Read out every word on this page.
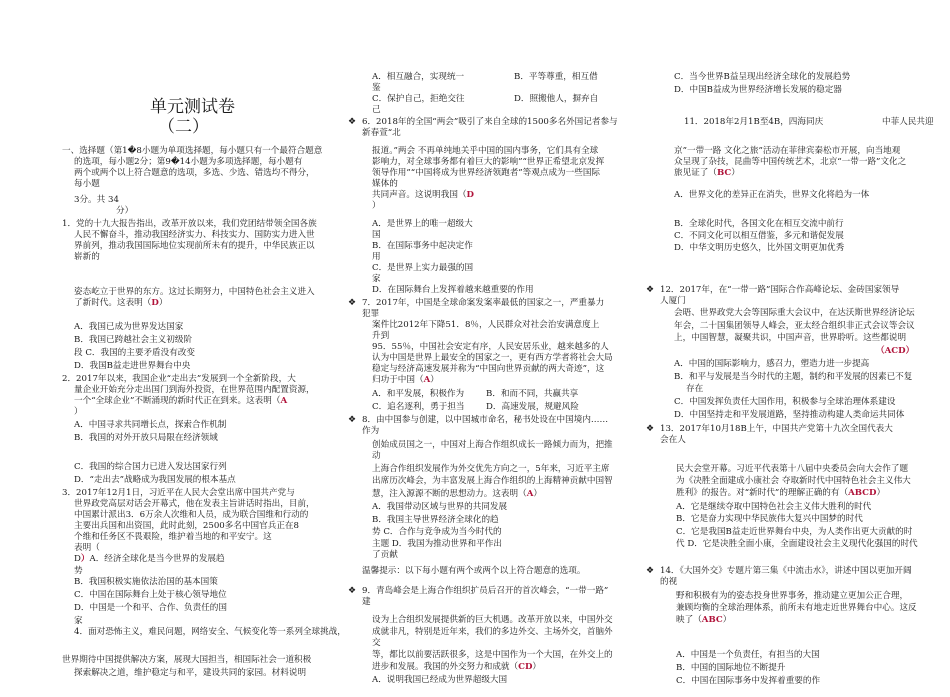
单元测试卷
（二）
一、选择题（第1�8小题为单项选择题，每小题只有一个最符合题意
的选项，每小题2分；第9�14小题为多项选择题，每小题有
两个或两个以上符合题意的选项，多选、少选、错选均不得分，
每小题
3分。共 34
分）
1．党的十九大报告指出，改革开放以来，我们党团结带领全国各族
人民不懈奋斗，推动我国经济实力、科技实力、国防实力进入世
界前列，推动我国国际地位实现前所未有的提升，中华民族正以
崭新的
姿态屹立于世界的东方。这过长期努力，中国特色社会主义进入
了新时代。这表明（D）
A．我国已成为世界发达国家
B．我国已跨越社会主义初级阶
段 C．我国的主要矛盾没有改变
D．我国B益走进世界舞台中央
2．2017年以来，我国企业“走出去”发展到一个全新阶段，大
量企业开始充分走出国门到海外投资，在世界范围内配置资源，
一个“全球企业”不断涌现的新时代正在到来。这表明（A
）
A．中国寻求共同增长点，探索合作机制
B．我国的对外开放只局限在经济领域
C．我国的综合国力已进入发达国家行列
D．“走出去”战略成为我国发展的根本基点
3．2017年12月1日，习近平在人民大会堂出席中国共产党与
世界政党高层对话会开幕式，他在发表主旨讲话时指出，目前，
中国累计派出3．6万余人次维和人员，成为联合国维和行动的
主要出兵国和出资国，此时此刻，2500多名中国官兵正在8
个维和任务区不畏艰险，维护着当地的和平安宁。这
表明（
D）A．经济全球化是当今世界的发展趋
势
B．我国积极实施依法治国的基本国策
C．中国在国际舞台上处于核心领导地位
D．中国是一个和平、合作、负责任的国
家
4．面对恐怖主义，难民问题，网络安全、气候变化等一系列全球挑战，
世界期待中国提供解决方案，展现大国担当，相国际社会一道积极
探索解决之道，维护稳定与和平，建设共同的家园。材料说明
A．相互融合，实现统一	B．平等尊重，相互借
鉴
C．保护自己，拒绝交往	D．照搬他人，摒弃自
己
❖ 6．2018年的全国“两会”吸引了来自全球的1500多名外国记者参与
新春萱“北
报道。”两会 不再单纯地关乎中国的国内事务，它们具有全球
影响力，对全球事务都有着巨大的影响”“世界正希望北京发挥
领导作用”“中国将成为世界经济领跑者”等观点成为一些国际
媒体的
共同声音。这说明我国（D
）
A．是世界上的唯一超级大
国
B．在国际事务中起决定作
用
C．是世界上实力最强的国
家
D．在国际舞台上发挥着越来越重要的作用
❖ 7．2017年，中国是全球命案发案率最低的国家之一，严重暴力
犯罪
案件比2012年下降51．8％，人民群众对社会治安满意度上
升到
95．55％，中国社会安定有序，人民安居乐业，越来越多的人
认为中国是世界上最安全的国家之一，更有西方学者将社会大局
稳定与经济高速发展并称为“中国向世界贡献的两大奇迹”，这
归功于中国（A）
A．和平发展，积极作为	B．和而不同，共赢共享
C．追名逐利，勇于担当 D．高速发展，规避风险
❖ 8．由中国参与创建，以中国城市命名，秘书处设在中国境内……
作为
创始成员国之一，中国对上海合作组织成长一路倾力而为，把推
动
上海合作组织发展作为外交优先方向之一，5年来，习近平主席
出席历次峰会，为丰富发展上海合作组织的上海精神贡献中国智
慧，注入源源不断的思想动力。这表明（A）
A．我国带动区域与世界的共同发展
B．我国主导世界经济全球化的趋
势 C．合作与竞争成为当今时代的
主题 D．我国为推动世界和平作出
了贡献
温馨提示：以下每小题有两个或两个以上符合题意的选项。
❖ 9．青岛峰会是上海合作组织扩员后召开的首次峰会，“一带一路”
建
设为上合组织发展提供新的巨大机遇。改革开放以来，中国外交
成就非凡，特别是近年来，我们的多边外交、主场外交，首脑外
交
等，都比以前要活跃很多，这是中国作为一个大国，在外交上的
进步和发展。我国的外交努力和成就（CD）
A．说明我国已经成为世界超级大国
C．当今世界B益呈现出经济全球化的发展趋势
D．中国B益成为世界经济增长发展的稳定器
11．2018年2月1B至4B，四海同庆	中菲人民共迎
京”一带一路 文化之旅”活动在菲律宾秦松市开展，向当地观
众呈现了杂技，昆曲等中国传统艺术，北京“一带一路”文化之
旅见证了（BC）
A．世界文化的差异正在消失，世界文化将趋为一体
B．全球化时代，各国文化在相互交流中前行
C．不同文化可以相互借鉴，多元和谐促发展
D．中华文明历史悠久，比外国文明更加优秀
❖ 12．2017年，在“一带一路”国际合作高峰论坛、金砖国家领导
人厦门
会晤、世界政党大会等国际重大会议中，在达沃斯世界经济论坛
年会，二十国集团领导人峰会，亚太经合组织非正式会议等会议
上，中国智慧，凝聚共识，中国声音，世界聆听。这些都说明
（ACD）
A．中国的国际影响力，感召力，塑造力进一步提高
B．和平与发展是当今时代的主题，制约和平发展的因素已不复
存在
C．中国发挥负责任大国作用，积极参与全球治理体系建设
D．中国坚持走和平发展道路，坚持推动构建人类命运共同体
❖ 13．2017年10月18B上午，中国共产党第十九次全国代表大
会在人
民大会堂开幕。习近平代表第十八届中央委员会向大会作了题
为《决胜全面建成小康社会 夺取新时代中国特色社会主义伟大
胜利》的报告。对“新时代”的理解正确的有（ABCD）
A．它是继续夺取中国特色社会主义伟大胜利的时代
B．它是奋力实现中华民族伟大复兴中国梦的时代
C．它是我国B益走近世界舞台中央，为人类作出更大贡献的时
代 D．它是决胜全面小康，全面建设社会主义现代化强国的时代
❖ 14．《大国外交》专题片第三集《中流击水》，讲述中国以更加开阔
的视
野和积极有为的姿态投身世界事务，推动建立更加公正合理，
兼顾均衡的全球治理体系，前所未有地走近世界舞台中心。这反
映了（ABC）
A．中国是一个负责任，有担当的大国
B．中国的国际地位不断提升
C．中国在国际事务中发挥着重要的作
